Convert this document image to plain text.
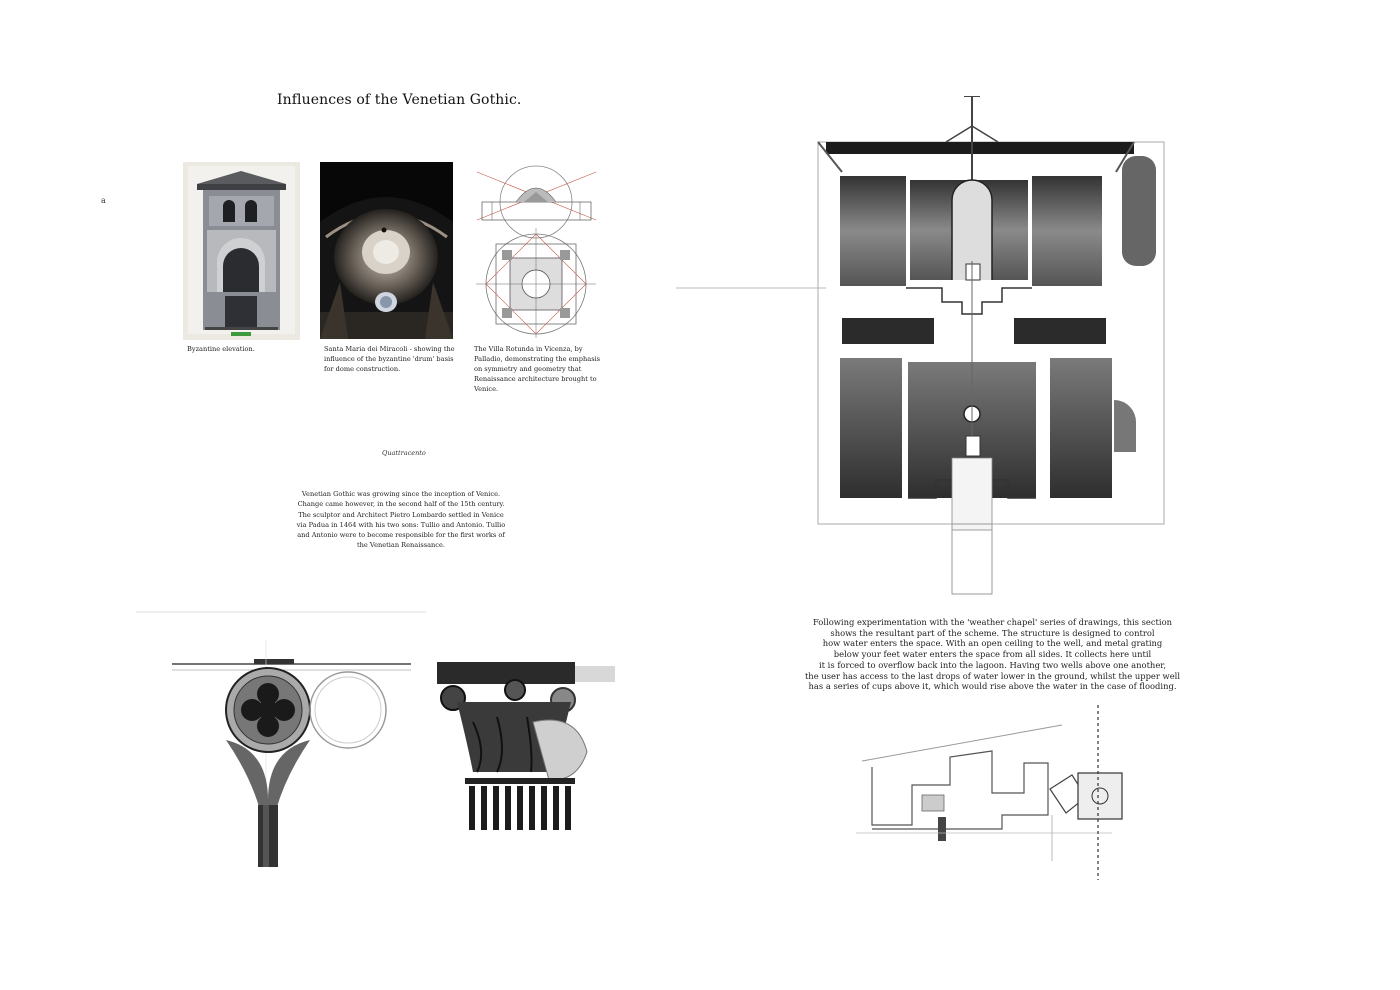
Influences of the Venetian Gothic.
a
Byzantine elevation.	Santa Maria dei Miracoli - showing the influence of the byzantine 'drum' basis for dome construction.
The Villa Rotunda in Vicenza, by Palladio, demonstrating the emphasis on symmetry and geometry that Renaissance architecture brought to Venice.
Quattracento
Venetian Gothic was growing since the inception of Venice. Change came however, in the second half of the 15th century. The sculptor and Architect Pietro Lombardo settled in Venice via Padua in 1464 with his two sons: Tullio and Antonio. Tullio and Antonio were to become responsible for the first works of the Venetian Renaissance.
Following experimentation with the 'weather chapel' series of drawings, this section
shows the resultant part of the scheme. The structure is designed to control
how water enters the space. With an open ceiling to the well, and metal grating
below your feet water enters the space from all sides. It collects here until
it is forced to overflow back into the lagoon. Having two wells above one another,
the user has access to the last drops of water lower in the ground, whilst the upper well
has a series of cups above it, which would rise above the water in the case of flooding.
